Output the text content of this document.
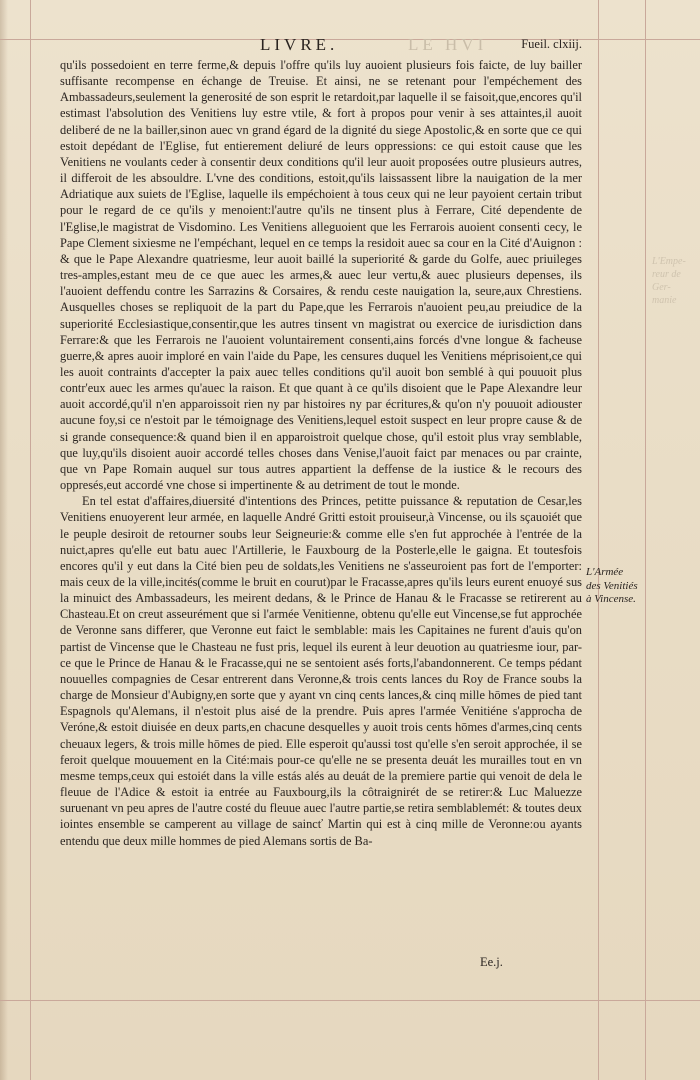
LIVRE.	LE HVI	Fueil. clxiij.

qu'ils possedoient en terre ferme,& depuis l'offre qu'ils luy auoient plusieurs fois faicte, de luy bailler suffisante recompense en échange de Treuise. Et ainsi, ne se retenant pour l'empéchement des Ambassadeurs,seulement la generosité de son esprit le retardoit,par laquelle il se faisoit,que,encores qu'il estimast l'absolution des Venitiens luy estre vtile, & fort à propos pour venir à ses attaintes,il auoit deliberé de ne la bailler,sinon auec vn grand égard de la dignité du siege Apostolic,& en sorte que ce qui estoit depédant de l'Eglise, fut entierement deliuré de leurs oppressions: ce qui estoit cause que les Venitiens ne voulants ceder à consentir deux conditions qu'il leur auoit proposées outre plusieurs autres, il differoit de les absouldre. L'vne des conditions, estoit,qu'ils laissassent libre la nauigation de la mer Adriatique aux suiets de l'Eglise, laquelle ils empéchoient à tous ceux qui ne leur payoient certain tribut pour le regard de ce qu'ils y menoient:l'autre qu'ils ne tinsent plus à Ferrare, Cité dependente de l'Eglise,le magistrat de Visdomino. Les Venitiens alleguoient que les Ferrarois auoient consenti cecy, le Pape Clement sixiesme ne l'empéchant, lequel en ce temps la residoit auec sa cour en la Cité d'Auignon : & que le Pape Alexandre quatriesme, leur auoit baillé la superiorité & garde du Golfe, auec priuileges tres-amples,estant meu de ce que auec les armes,& auec leur vertu,& auec plusieurs depenses, ils l'auoient deffendu contre les Sarrazins & Corsaires, & rendu ceste nauigation la, seure,aux Chrestiens. Ausquelles choses se repliquoit de la part du Pape,que les Ferrarois n'auoient peu,au preiudice de la superiorité Ecclesiastique,consentir,que les autres tinsent vn magistrat ou exercice de iurisdiction dans Ferrare:& que les Ferrarois ne l'auoient voluntairement consenti,ains forcés d'vne longue & facheuse guerre,& apres auoir imploré en vain l'aide du Pape, les censures duquel les Venitiens méprisoient,ce qui les auoit contraints d'accepter la paix auec telles conditions qu'il auoit bon semblé à qui pouuoit plus contr'eux auec les armes qu'auec la raison. Et que quant à ce qu'ils disoient que le Pape Alexandre leur auoit accordé,qu'il n'en apparoissoit rien ny par histoires ny par écritures,& qu'on n'y pouuoit adiouster aucune foy,si ce n'estoit par le témoignage des Venitiens,lequel estoit suspect en leur propre cause & de si grande consequence:& quand bien il en apparoistroit quelque chose, qu'il estoit plus vray semblable, que luy,qu'ils disoient auoir accordé telles choses dans Venise,l'auoit faict par menaces ou par crainte, que vn Pape Romain auquel sur tous autres appartient la deffense de la iustice & le recours des oppresés,eut accordé vne chose si impertinente & au detriment de tout le monde.

En tel estat d'affaires,diuersité d'intentions des Princes, petitte puissance & reputation de Cesar,les Venitiens enuoyerent leur armée, en laquelle André Gritti estoit prouiseur,à Vincense, ou ils sçauoiét que le peuple desiroit de retourner soubs leur Seigneurie:& comme elle s'en fut approchée à l'entrée de la nuict,apres qu'elle eut batu auec l'Artillerie, le Fauxbourg de la Posterle,elle le gaigna. Et toutesfois encores qu'il y eut dans la Cité bien peu de soldats,les Venitiens ne s'asseuroient pas fort de l'emporter: mais ceux de la ville,incités(comme le bruit en courut)par le Fracasse,apres qu'ils leurs eurent enuoyé sus la minuict des Ambassadeurs, les meirent dedans, & le Prince de Hanau & le Fracasse se retirerent au Chasteau.Et on creut asseurément que si l'armée Venitienne, obtenu qu'elle eut Vincense,se fut approchée de Veronne sans differer, que Veronne eut faict le semblable: mais les Capitaines ne furent d'auis qu'on partist de Vincense que le Chasteau ne fust pris, lequel ils eurent à leur deuotion au quatriesme iour, par-ce que le Prince de Hanau & le Fracasse,qui ne se sentoient asés forts,l'abandonnerent. Ce temps pédant nouuelles compagnies de Cesar entrerent dans Veronne,& trois cents lances du Roy de France soubs la charge de Monsieur d'Aubigny,en sorte que y ayant vn cinq cents lances,& cinq mille hōmes de pied tant Espagnols qu'Alemans, il n'estoit plus aisé de la prendre. Puis apres l'armée Venitiéne s'approcha de Veróne,& estoit diuisée en deux parts,en chacune desquelles y auoit trois cents hōmes d'armes,cinq cents cheuaux legers, & trois mille hōmes de pied. Elle esperoit qu'aussi tost qu'elle s'en seroit approchée, il se feroit quelque mouuement en la Cité:mais pour-ce qu'elle ne se presenta deuát les murailles tout en vn mesme temps,ceux qui estoiét dans la ville estás alés au deuát de la premiere partie qui venoit de dela le fleuue de l'Adice & estoit ia entrée au Fauxbourg,ils la côtraignirét de se retirer:& Luc Maluezze suruenant vn peu apres de l'autre costé du fleuue auec l'autre partie,se retira semblablemét: & toutes deux iointes ensemble se camperent au village de saincť Martin qui est à cinq mille de Veronne:ou ayants entendu que deux mille hommes de pied Alemans sortis de Ba-

L'Armée des Venitiés à Vincense.
L'Empe- reur de Ger- manie
Ee.j.
